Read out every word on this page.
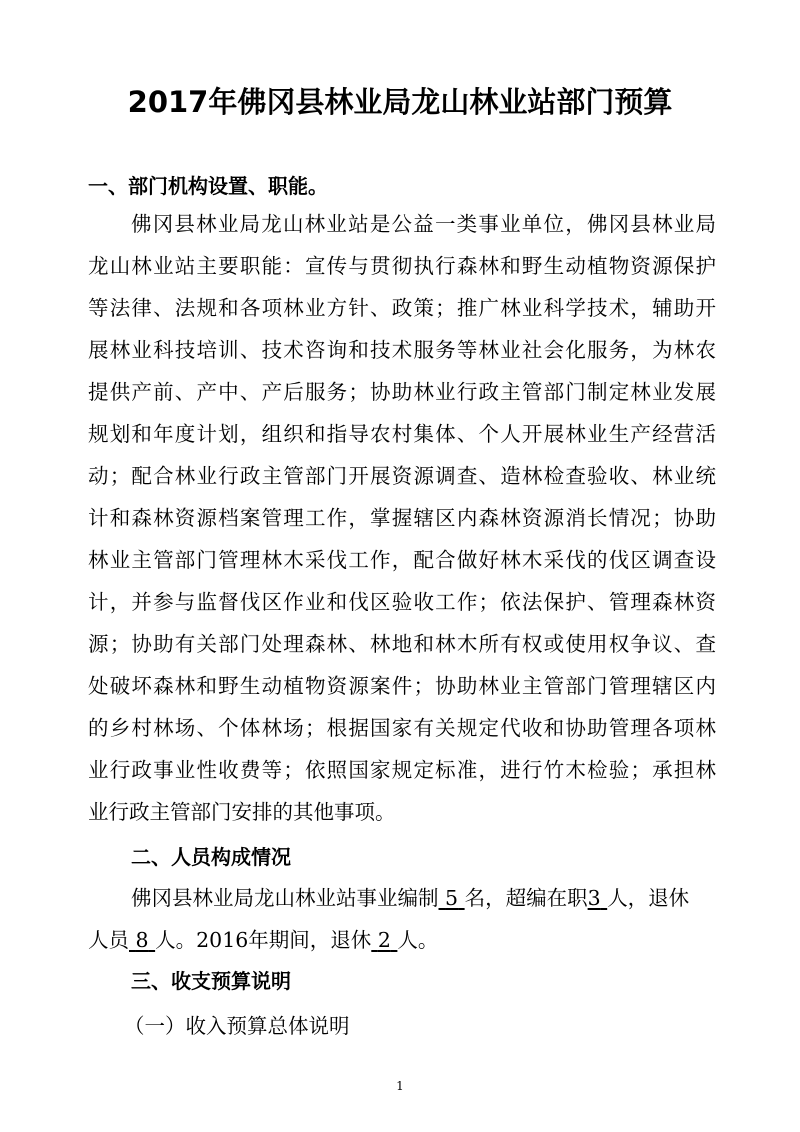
2017年佛冈县林业局龙山林业站部门预算

一、部门机构设置、职能。

佛冈县林业局龙山林业站是公益一类事业单位，佛冈县林业局

龙山林业站主要职能：宣传与贯彻执行森林和野生动植物资源保护

等法律、法规和各项林业方针、政策；推广林业科学技术，辅助开

展林业科技培训、技术咨询和技术服务等林业社会化服务，为林农

提供产前、产中、产后服务；协助林业行政主管部门制定林业发展

规划和年度计划，组织和指导农村集体、个人开展林业生产经营活

动；配合林业行政主管部门开展资源调查、造林检查验收、林业统

计和森林资源档案管理工作，掌握辖区内森林资源消长情况；协助

林业主管部门管理林木采伐工作，配合做好林木采伐的伐区调查设

计，并参与监督伐区作业和伐区验收工作；依法保护、管理森林资

源；协助有关部门处理森林、林地和林木所有权或使用权争议、查

处破坏森林和野生动植物资源案件；协助林业主管部门管理辖区内

的乡村林场、个体林场；根据国家有关规定代收和协助管理各项林

业行政事业性收费等；依照国家规定标准，进行竹木检验；承担林

业行政主管部门安排的其他事项。

二、人员构成情况

佛冈县林业局龙山林业站事业编制 5 名，超编在职3 人，退休

人员 8 人。2016年期间，退休 2 人。

三、收支预算说明

（一）收入预算总体说明

1
